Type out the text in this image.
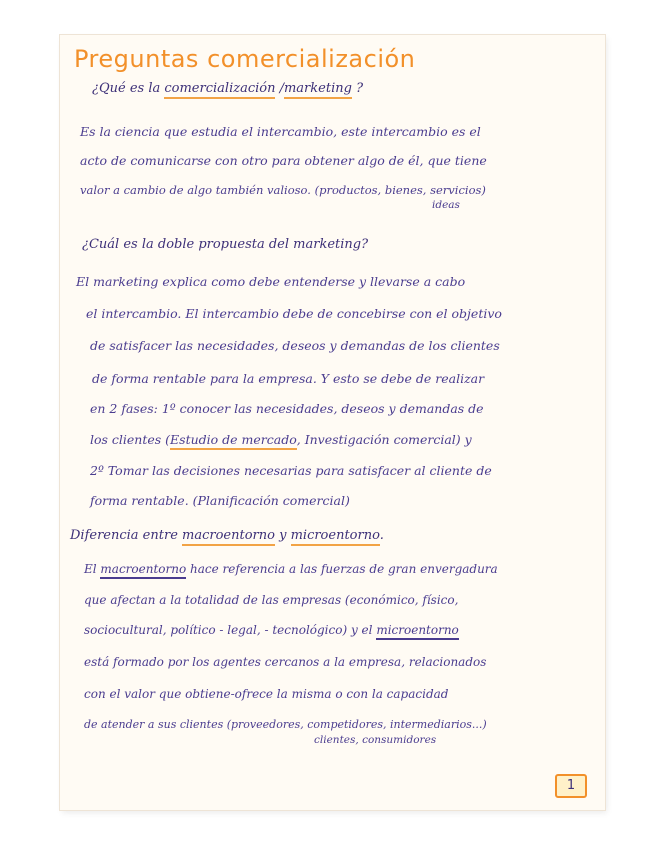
Preguntas comercialización
¿Qué es la comercialización /marketing ?
Es la ciencia que estudia el intercambio, este intercambio es el
acto de comunicarse con otro para obtener algo de él, que tiene
valor a cambio de algo también valioso. (productos, bienes, servicios)
ideas
¿Cuál es la doble propuesta del marketing?
El marketing explica como debe entenderse y llevarse a cabo
el intercambio. El intercambio debe de concebirse con el objetivo
de satisfacer las necesidades, deseos y demandas de los clientes
de forma rentable para la empresa. Y esto se debe de realizar
en 2 fases: 1º conocer las necesidades, deseos y demandas de
los clientes (Estudio de mercado, Investigación comercial) y
2º Tomar las decisiones necesarias para satisfacer al cliente de
forma rentable. (Planificación comercial)
Diferencia entre macroentorno y microentorno.
El macroentorno hace referencia a las fuerzas de gran envergadura
que afectan a la totalidad de las empresas (económico, físico,
sociocultural, político - legal, - tecnológico) y el microentorno
está formado por los agentes cercanos a la empresa, relacionados
con el valor que obtiene-ofrece la misma o con la capacidad
de atender a sus clientes (proveedores, competidores, intermediarios...)
clientes, consumidores
1
